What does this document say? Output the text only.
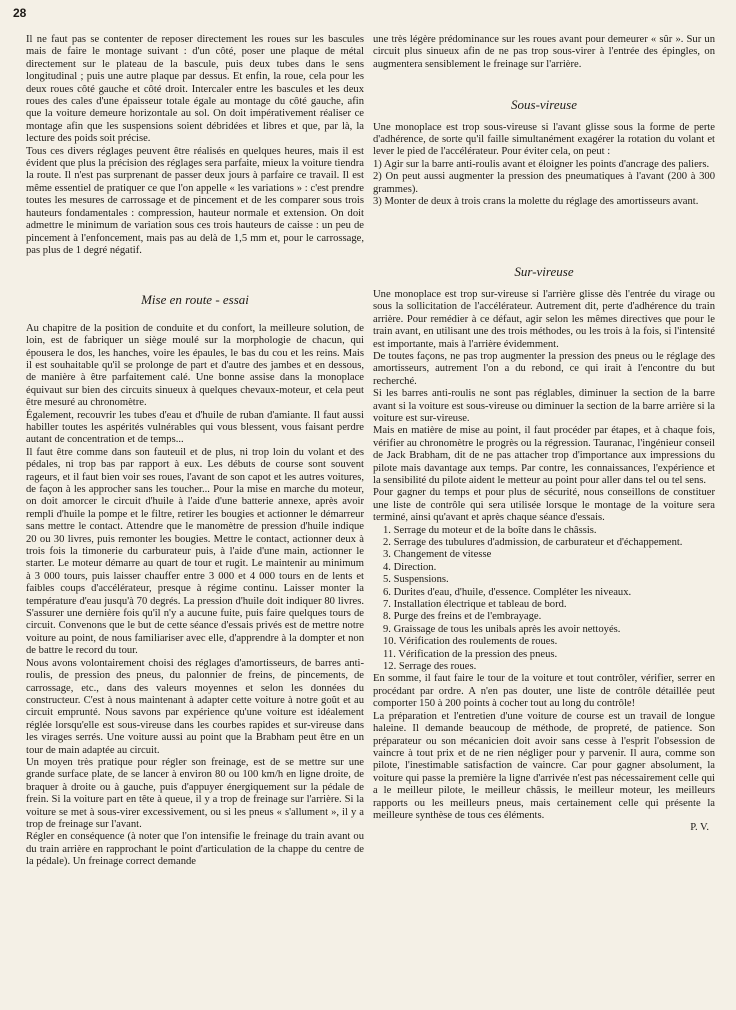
28

Il ne faut pas se contenter de reposer directement les roues sur les bascules mais de faire le montage suivant : d'un côté, poser une plaque de métal directement sur le plateau de la bascule, puis deux tubes dans le sens longitudinal ; puis une autre plaque par dessus. Et enfin, la roue, cela pour les deux roues côté gauche et côté droit. Intercaler entre les bascules et les deux roues des cales d'une épaisseur totale égale au montage du côté gauche, afin que la voiture demeure horizontale au sol. On doit impérativement réaliser ce montage afin que les suspensions soient débridées et libres et que, par là, la lecture des poids soit précise.

Tous ces divers réglages peuvent être réalisés en quelques heures, mais il est évident que plus la précision des réglages sera parfaite, mieux la voiture tiendra la route. Il n'est pas surprenant de passer deux jours à parfaire ce travail. Il est même essentiel de pratiquer ce que l'on appelle « les variations » : c'est prendre toutes les mesures de carrossage et de pincement et de les comparer sous trois hauteurs fondamentales : compression, hauteur normale et extension. On doit admettre le minimum de variation sous ces trois hauteurs de caisse : un peu de pincement à l'enfoncement, mais pas au delà de 1,5 mm et, pour le carrossage, pas plus de 1 degré négatif.

Mise en route - essai

Au chapitre de la position de conduite et du confort, la meilleure solution, de loin, est de fabriquer un siège moulé sur la morphologie de chacun, qui épousera le dos, les hanches, voire les épaules, le bas du cou et les reins. Mais il est souhaitable qu'il se prolonge de part et d'autre des jambes et en dessous, de manière à être parfaitement calé. Une bonne assise dans la monoplace équivaut sur bien des circuits sinueux à quelques chevaux-moteur, et cela peut être mesuré au chronomètre.

Également, recouvrir les tubes d'eau et d'huile de ruban d'amiante. Il faut aussi habiller toutes les aspérités vulnérables qui vous blessent, vous faisant perdre autant de concentration et de temps...

Il faut être comme dans son fauteuil et de plus, ni trop loin du volant et des pédales, ni trop bas par rapport à eux. Les débuts de course sont souvent rageurs, et il faut bien voir ses roues, l'avant de son capot et les autres voitures, de façon à les approcher sans les toucher... Pour la mise en marche du moteur, on doit amorcer le circuit d'huile à l'aide d'une batterie annexe, après avoir rempli d'huile la pompe et le filtre, retirer les bougies et actionner le démarreur sans mettre le contact. Attendre que le manomètre de pression d'huile indique 20 ou 30 livres, puis remonter les bougies. Mettre le contact, actionner deux à trois fois la timonerie du carburateur puis, à l'aide d'une main, actionner le starter. Le moteur démarre au quart de tour et rugit. Le maintenir au minimum à 3 000 tours, puis laisser chauffer entre 3 000 et 4 000 tours en de lents et faibles coups d'accélérateur, presque à régime continu. Laisser monter la température d'eau jusqu'à 70 degrés. La pression d'huile doit indiquer 80 livres. S'assurer une dernière fois qu'il n'y a aucune fuite, puis faire quelques tours de circuit. Convenons que le but de cette séance d'essais privés est de mettre notre voiture au point, de nous familiariser avec elle, d'apprendre à la dompter et non de battre le record du tour.

Nous avons volontairement choisi des réglages d'amortisseurs, de barres anti-roulis, de pression des pneus, du palonnier de freins, de pincements, de carrossage, etc., dans des valeurs moyennes et selon les données du constructeur. C'est à nous maintenant à adapter cette voiture à notre goût et au circuit emprunté. Nous savons par expérience qu'une voiture est idéalement réglée lorsqu'elle est sous-vireuse dans les courbes rapides et sur-vireuse dans les virages serrés. Une voiture aussi au point que la Brabham peut être en un tour de main adaptée au circuit.

Un moyen très pratique pour régler son freinage, est de se mettre sur une grande surface plate, de se lancer à environ 80 ou 100 km/h en ligne droite, de braquer à droite ou à gauche, puis d'appuyer énergiquement sur la pédale de frein. Si la voiture part en tête à queue, il y a trop de freinage sur l'arrière. Si la voiture se met à sous-virer excessivement, ou si les pneus « s'allument », il y a trop de freinage sur l'avant.

Régler en conséquence (à noter que l'on intensifie le freinage du train avant ou du train arrière en rapprochant le point d'articulation de la chappe du centre de la pédale). Un freinage correct demande

une très légère prédominance sur les roues avant pour demeurer « sûr ». Sur un circuit plus sinueux afin de ne pas trop sous-virer à l'entrée des épingles, on augmentera sensiblement le freinage sur l'arrière.

Sous-vireuse

Une monoplace est trop sous-vireuse si l'avant glisse sous la forme de perte d'adhérence, de sorte qu'il faille simultanément exagérer la rotation du volant et lever le pied de l'accélérateur. Pour éviter cela, on peut :

1) Agir sur la barre anti-roulis avant et éloigner les points d'ancrage des paliers.

2) On peut aussi augmenter la pression des pneumatiques à l'avant (200 à 300 grammes).

3) Monter de deux à trois crans la molette du réglage des amortisseurs avant.

Sur-vireuse

Une monoplace est trop sur-vireuse si l'arrière glisse dès l'entrée du virage ou sous la sollicitation de l'accélérateur. Autrement dit, perte d'adhérence du train arrière. Pour remédier à ce défaut, agir selon les mêmes directives que pour le train avant, en utilisant une des trois méthodes, ou les trois à la fois, si l'intensité est importante, mais à l'arrière évidemment.

De toutes façons, ne pas trop augmenter la pression des pneus ou le réglage des amortisseurs, autrement l'on a du rebond, ce qui irait à l'encontre du but recherché.

Si les barres anti-roulis ne sont pas réglables, diminuer la section de la barre avant si la voiture est sous-vireuse ou diminuer la section de la barre arrière si la voiture est sur-vireuse.

Mais en matière de mise au point, il faut procéder par étapes, et à chaque fois, vérifier au chronomètre le progrès ou la régression. Tauranac, l'ingénieur conseil de Jack Brabham, dit de ne pas attacher trop d'importance aux impressions du pilote mais davantage aux temps. Par contre, les connaissances, l'expérience et la sensibilité du pilote aident le metteur au point pour aller dans tel ou tel sens.

Pour gagner du temps et pour plus de sécurité, nous conseillons de constituer une liste de contrôle qui sera utilisée lorsque le montage de la voiture sera terminé, ainsi qu'avant et après chaque séance d'essais.

1. Serrage du moteur et de la boîte dans le châssis.
2. Serrage des tubulures d'admission, de carburateur et d'échappement.
3. Changement de vitesse
4. Direction.
5. Suspensions.
6. Durites d'eau, d'huile, d'essence. Compléter les niveaux.
7. Installation électrique et tableau de bord.
8. Purge des freins et de l'embrayage.
9. Graissage de tous les unibals après les avoir nettoyés.
10. Vérification des roulements de roues.
11. Vérification de la pression des pneus.
12. Serrage des roues.

En somme, il faut faire le tour de la voiture et tout contrôler, vérifier, serrer en procédant par ordre. A n'en pas douter, une liste de contrôle détaillée peut comporter 150 à 200 points à cocher tout au long du contrôle!

La préparation et l'entretien d'une voiture de course est un travail de longue haleine. Il demande beaucoup de méthode, de propreté, de patience. Son préparateur ou son mécanicien doit avoir sans cesse à l'esprit l'obsession de vaincre à tout prix et de ne rien négliger pour y parvenir. Il aura, comme son pilote, l'inestimable satisfaction de vaincre. Car pour gagner absolument, la voiture qui passe la première la ligne d'arrivée n'est pas nécessairement celle qui a le meilleur pilote, le meilleur châssis, le meilleur moteur, les meilleurs rapports ou les meilleurs pneus, mais certainement celle qui présente la meilleure synthèse de tous ces éléments.

P. V.
